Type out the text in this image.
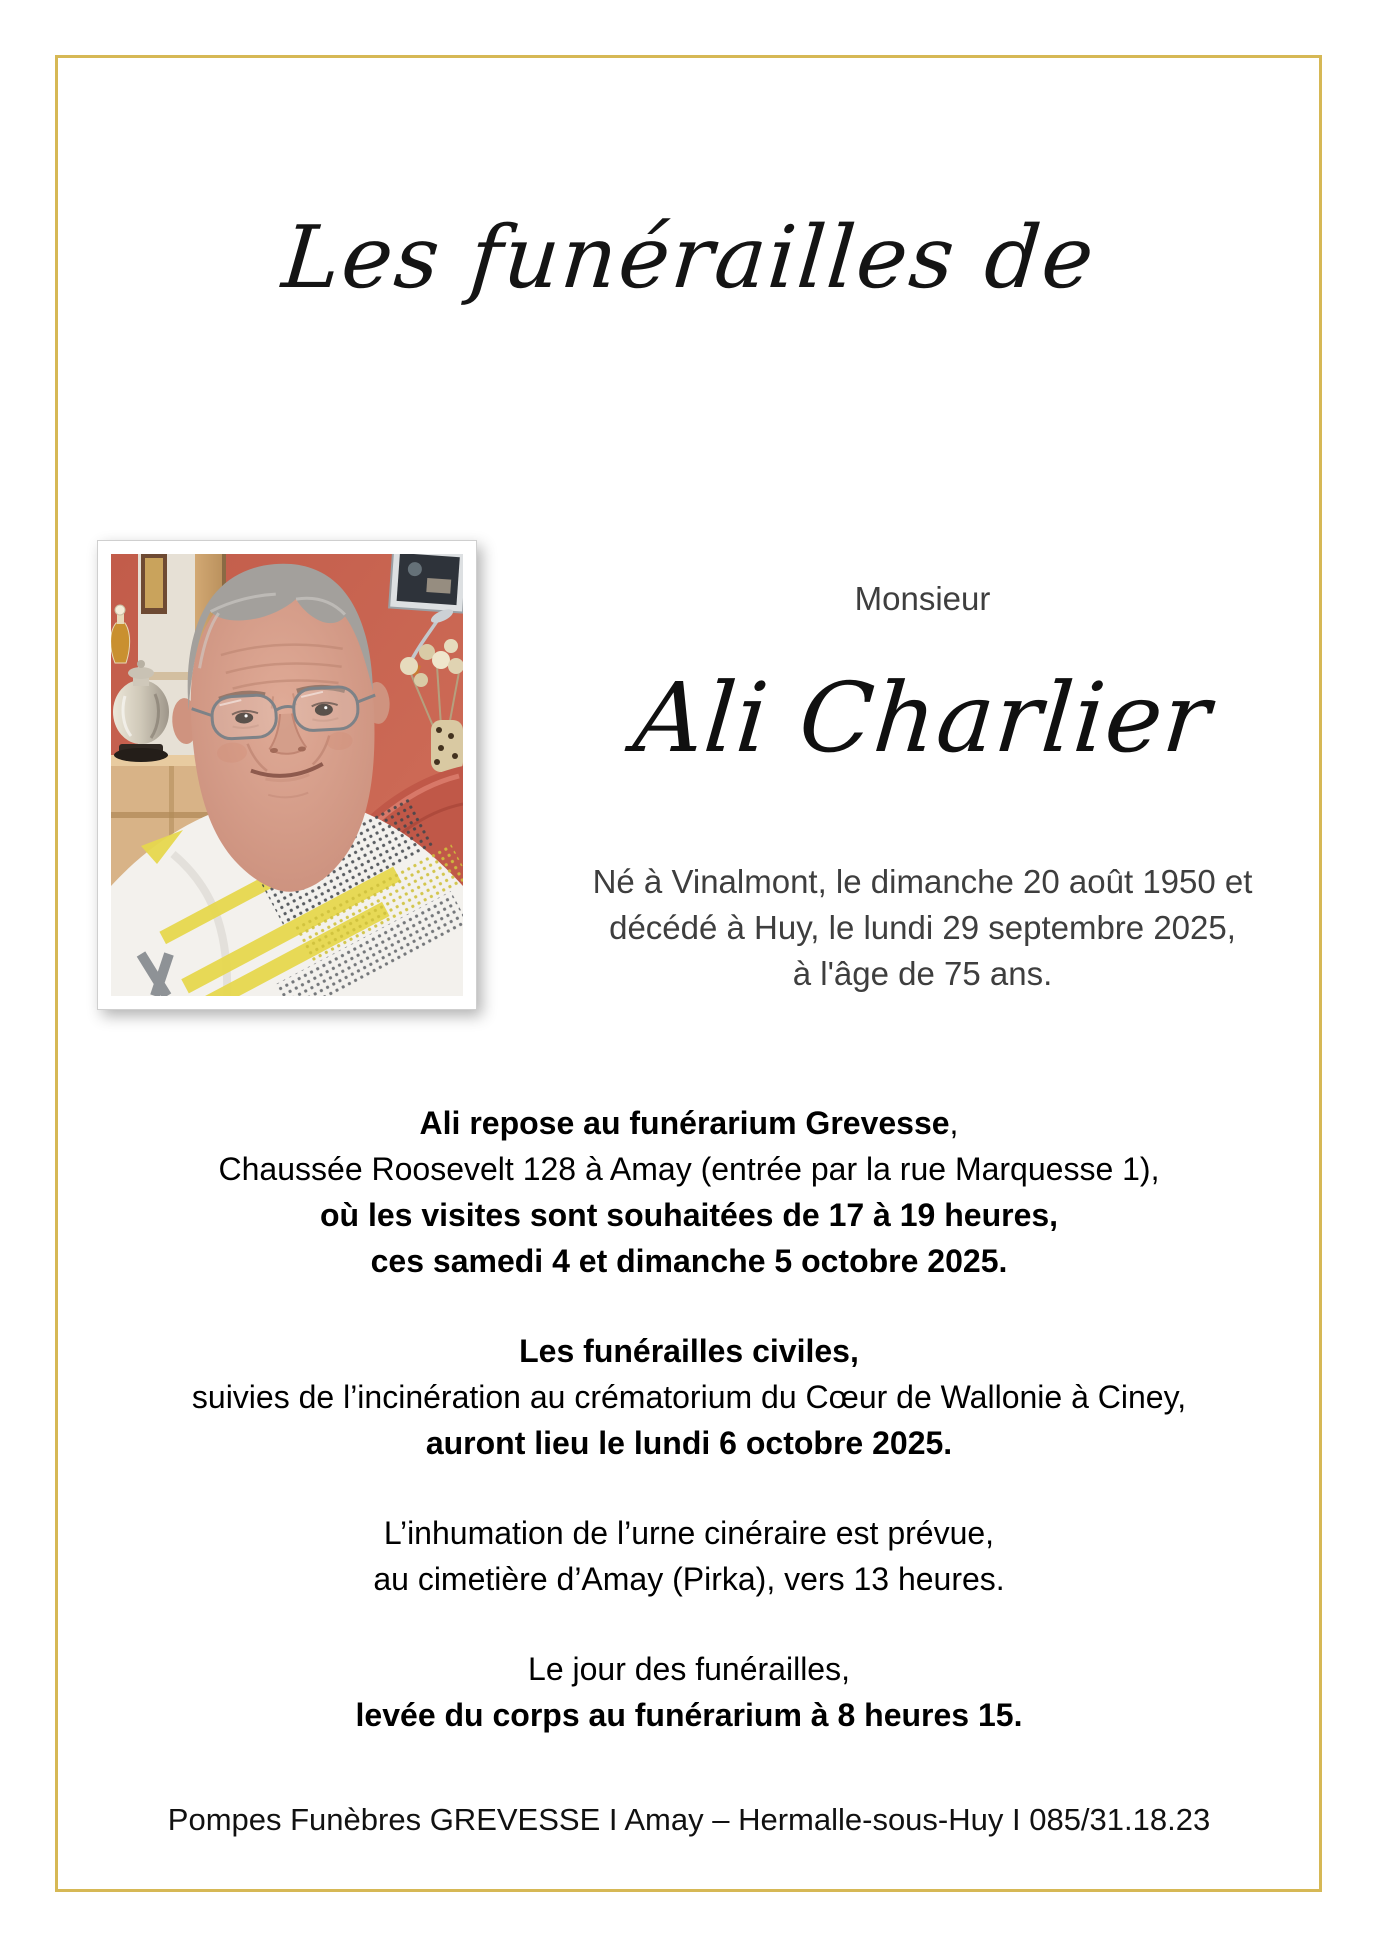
Les funérailles de
Monsieur
Ali Charlier
Né à Vinalmont, le dimanche 20 août 1950 et
décédé à Huy, le lundi 29 septembre 2025,
à l'âge de 75 ans.

Ali repose au funérarium Grevesse,
Chaussée Roosevelt 128 à Amay (entrée par la rue Marquesse 1),
où les visites sont souhaitées de 17 à 19 heures,
ces samedi 4 et dimanche 5 octobre 2025.

Les funérailles civiles,
suivies de l’incinération au crématorium du Cœur de Wallonie à Ciney,
auront lieu le lundi 6 octobre 2025.

L’inhumation de l’urne cinéraire est prévue,
au cimetière d’Amay (Pirka), vers 13 heures.

Le jour des funérailles,
levée du corps au funérarium à 8 heures 15.

Pompes Funèbres GREVESSE I Amay – Hermalle-sous-Huy I 085/31.18.23
